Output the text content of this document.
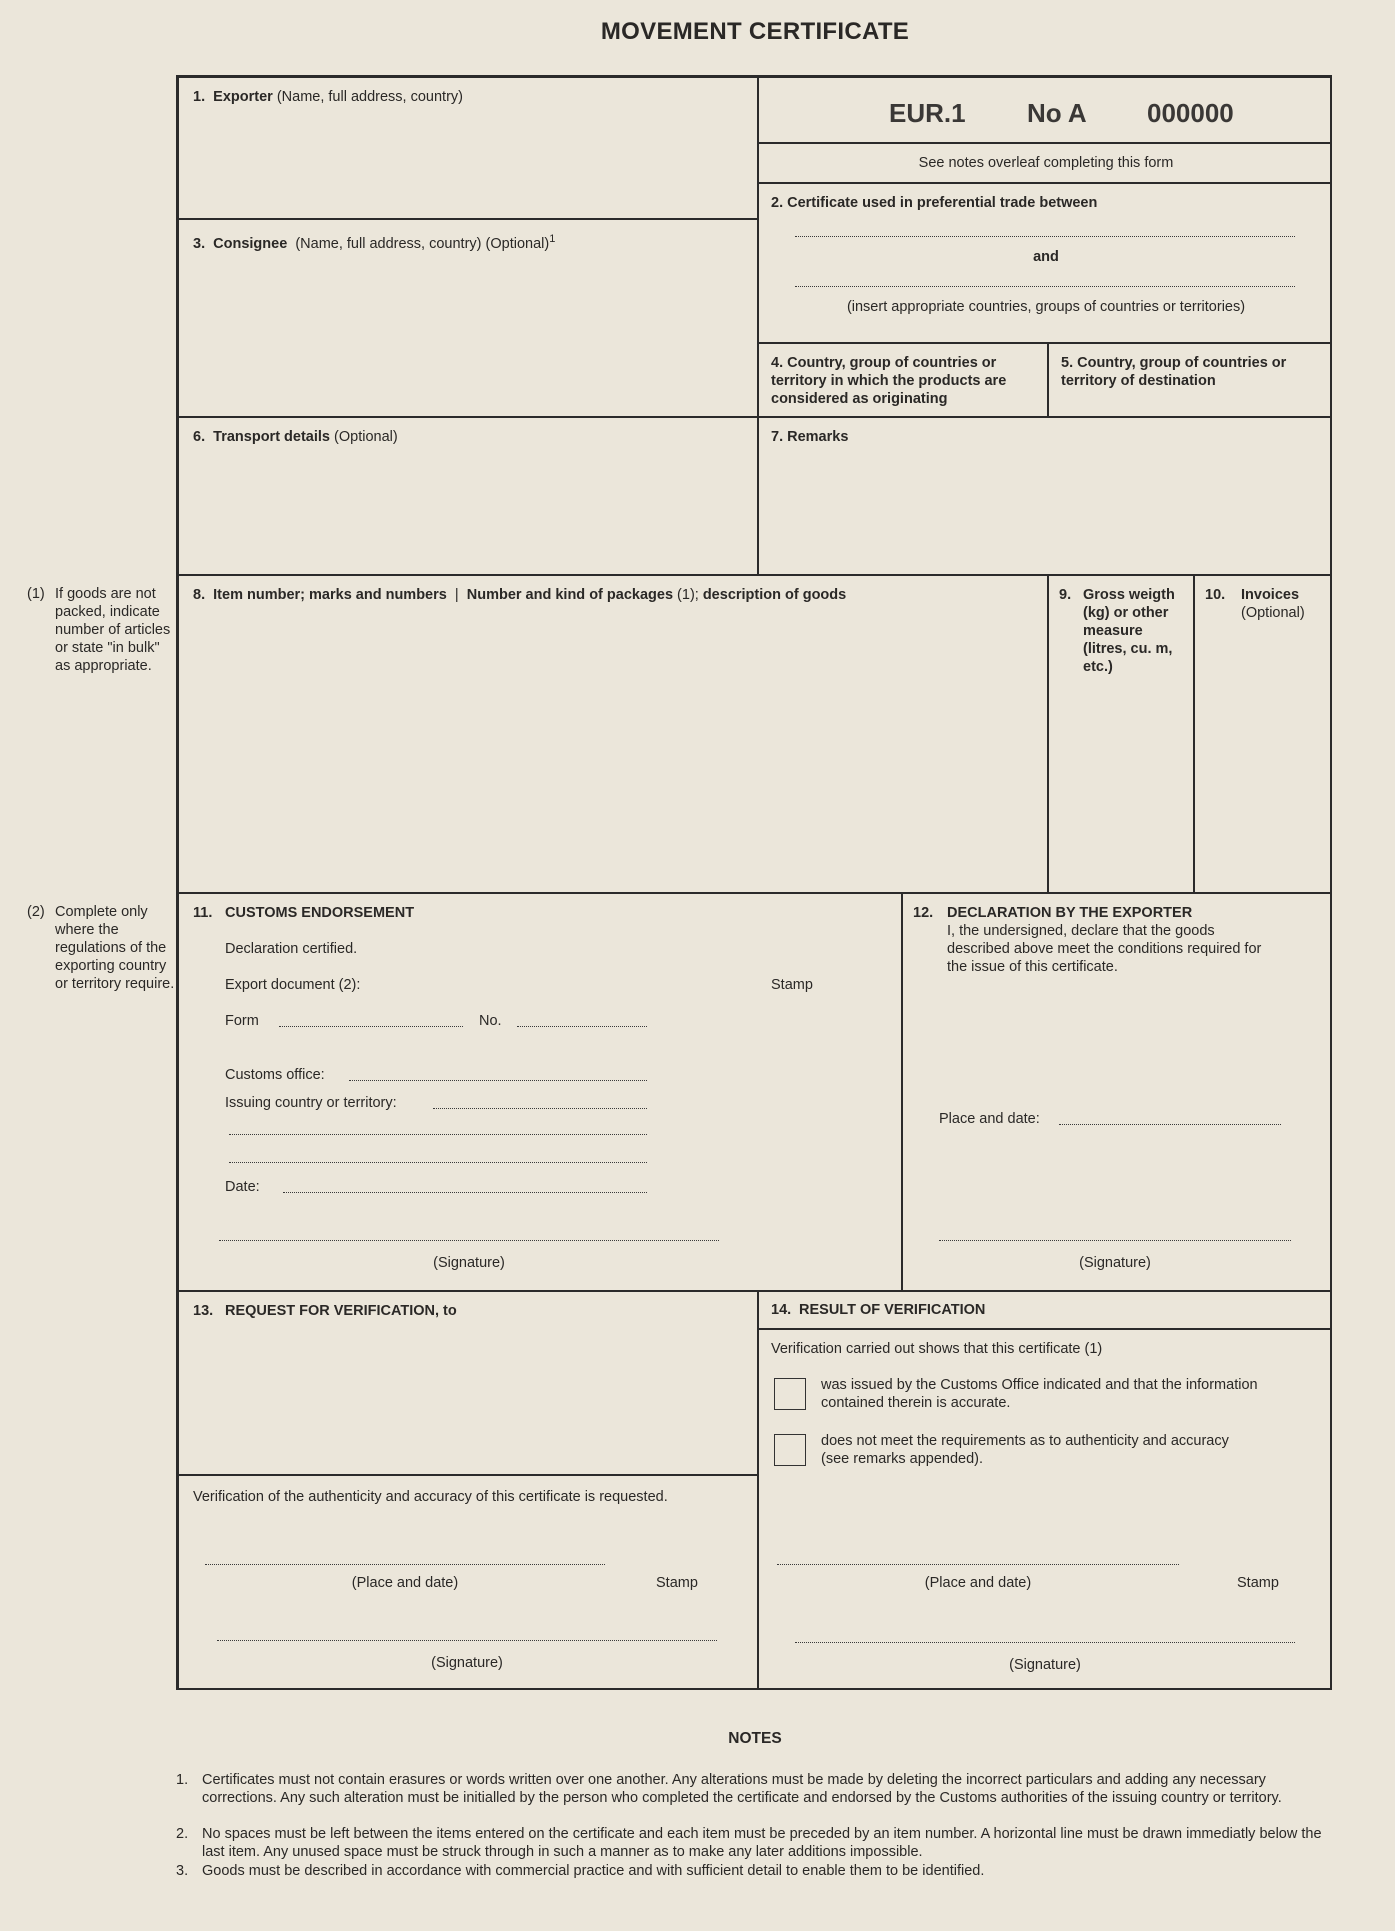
MOVEMENT CERTIFICATE
(1) If goods are not packed, indicate number of articles or state "in bulk" as appropriate.
(2) Complete only where the regulations of the exporting country or territory require.
1. Exporter (Name, full address, country)
EUR.1 No A 000000
See notes overleaf completing this form
2. Certificate used in preferential trade between
and
(insert appropriate countries, groups of countries or territories)
3. Consignee (Name, full address, country) (Optional)$^1$
4. Country, group of countries or territory in which the products are considered as originating
5. Country, group of countries or territory of destination
6. Transport details (Optional)	7. Remarks
8. Item number; marks and numbers | Number and kind of packages (1); description of goods	9. Gross weigth (kg) or other measure (litres, cu. m, etc.)
10. Invoices
(Optional)
11. CUSTOMS ENDORSEMENT
Declaration certified.
Export document (2):	Stamp
Form	No.
Customs office:
Issuing country or territory:
Date:
(Signature)
12. DECLARATION BY THE EXPORTER
I, the undersigned, declare that the goods described above meet the conditions required for the issue of this certificate.
Place and date:
(Signature)
13. REQUEST FOR VERIFICATION, to
Verification of the authenticity and accuracy of this certificate is requested.
(Place and date)	Stamp
(Signature)
14. RESULT OF VERIFICATION
Verification carried out shows that this certificate (1)
was issued by the Customs Office indicated and that the information contained therein is accurate.
does not meet the requirements as to authenticity and accuracy (see remarks appended).
(Place and date)	Stamp
(Signature)
NOTES
1. Certificates must not contain erasures or words written over one another. Any alterations must be made by deleting the incorrect particulars and adding any necessary corrections. Any such alteration must be initialled by the person who completed the certificate and endorsed by the Customs authorities of the issuing country or territory.
2. No spaces must be left between the items entered on the certificate and each item must be preceded by an item number. A horizontal line must be drawn immediatly below the last item. Any unused space must be struck through in such a manner as to make any later additions impossible.
3. Goods must be described in accordance with commercial practice and with sufficient detail to enable them to be identified.
